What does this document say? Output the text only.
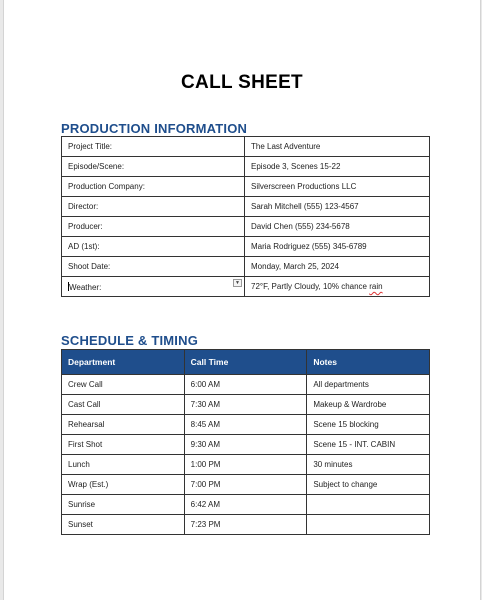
CALL SHEET
PRODUCTION INFORMATION
Project Title:	The Last Adventure
Episode/Scene:	Episode 3, Scenes 15-22
Production Company:	Silverscreen Productions LLC
Director:	Sarah Mitchell (555) 123-4567
Producer:	David Chen (555) 234-5678
AD (1st):	Maria Rodriguez (555) 345-6789
Shoot Date:	Monday, March 25, 2024
Weather: ▼	72°F, Partly Cloudy, 10% chance rain
SCHEDULE & TIMING
Department	Call Time	Notes
Crew Call	6:00 AM	All departments
Cast Call	7:30 AM	Makeup & Wardrobe
Rehearsal	8:45 AM	Scene 15 blocking
First Shot	9:30 AM	Scene 15 - INT. CABIN
Lunch	1:00 PM	30 minutes
Wrap (Est.)	7:00 PM	Subject to change
Sunrise	6:42 AM	
Sunset	7:23 PM	
